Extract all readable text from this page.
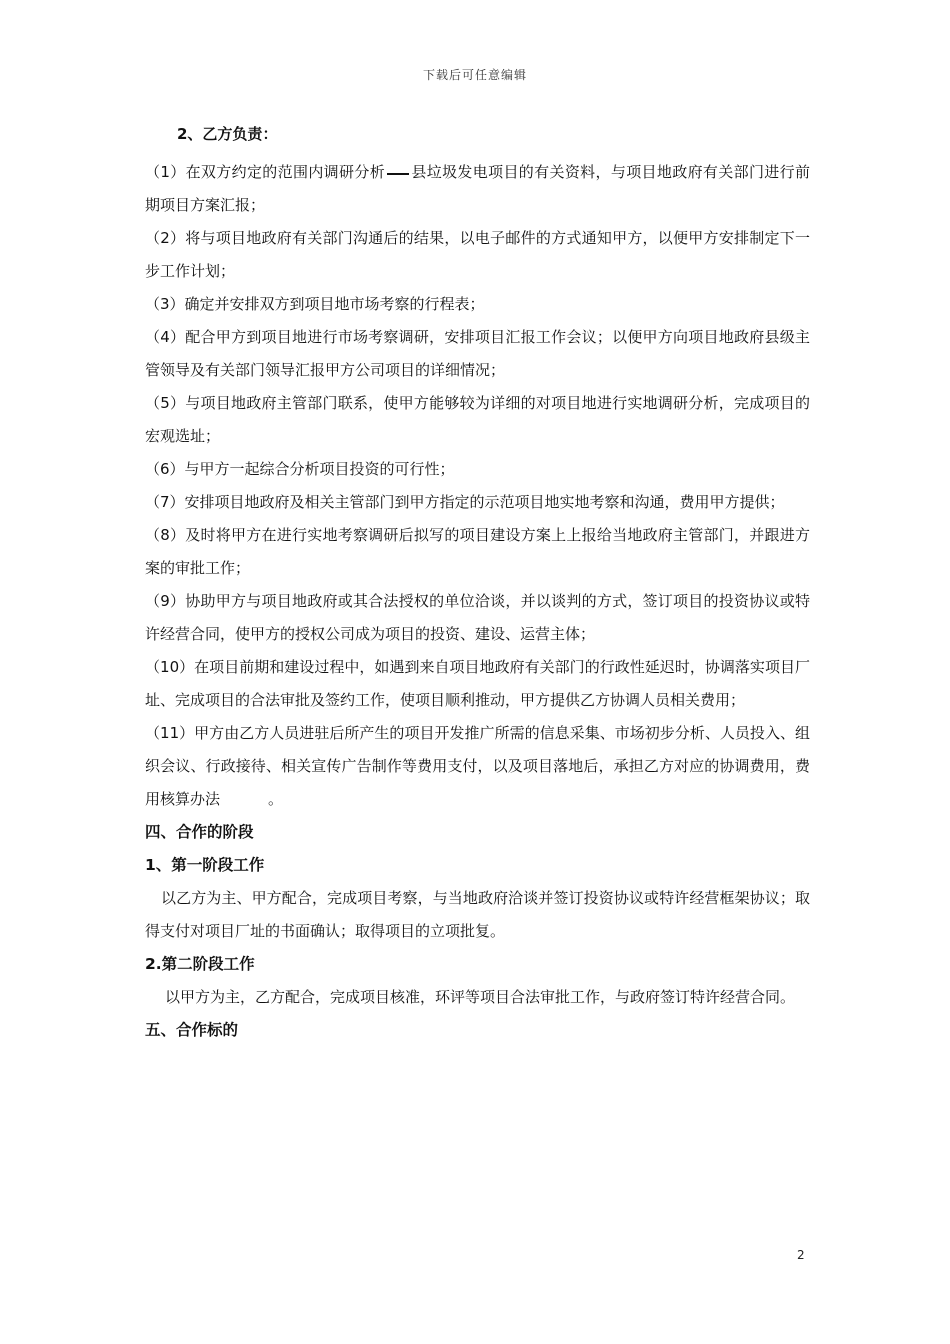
下载后可任意编辑

2、乙方负责：

（1）在双方约定的范围内调研分析 县垃圾发电项目的有关资料，与项目地政府有关部门进行前期项目方案汇报；

（2）将与项目地政府有关部门沟通后的结果，以电子邮件的方式通知甲方，以便甲方安排制定下一步工作计划；

（3）确定并安排双方到项目地市场考察的行程表；

（4）配合甲方到项目地进行市场考察调研，安排项目汇报工作会议；以便甲方向项目地政府县级主管领导及有关部门领导汇报甲方公司项目的详细情况；

（5）与项目地政府主管部门联系，使甲方能够较为详细的对项目地进行实地调研分析，完成项目的宏观选址；

（6）与甲方一起综合分析项目投资的可行性；

（7）安排项目地政府及相关主管部门到甲方指定的示范项目地实地考察和沟通，费用甲方提供；

（8）及时将甲方在进行实地考察调研后拟写的项目建设方案上上报给当地政府主管部门，并跟进方案的审批工作；

（9）协助甲方与项目地政府或其合法授权的单位洽谈，并以谈判的方式，签订项目的投资协议或特许经营合同，使甲方的授权公司成为项目的投资、建设、运营主体；

（10）在项目前期和建设过程中，如遇到来自项目地政府有关部门的行政性延迟时，协调落实项目厂址、完成项目的合法审批及签约工作，使项目顺利推动，甲方提供乙方协调人员相关费用；

（11）甲方由乙方人员进驻后所产生的项目开发推广所需的信息采集、市场初步分析、人员投入、组织会议、行政接待、相关宣传广告制作等费用支付，以及项目落地后，承担乙方对应的协调费用，费用核算办法	。

四、合作的阶段

1、第一阶段工作

以乙方为主、甲方配合，完成项目考察，与当地政府洽谈并签订投资协议或特许经营框架协议；取得支付对项目厂址的书面确认；取得项目的立项批复。

2.第二阶段工作

以甲方为主，乙方配合，完成项目核准，环评等项目合法审批工作，与政府签订特许经营合同。

五、合作标的

2
